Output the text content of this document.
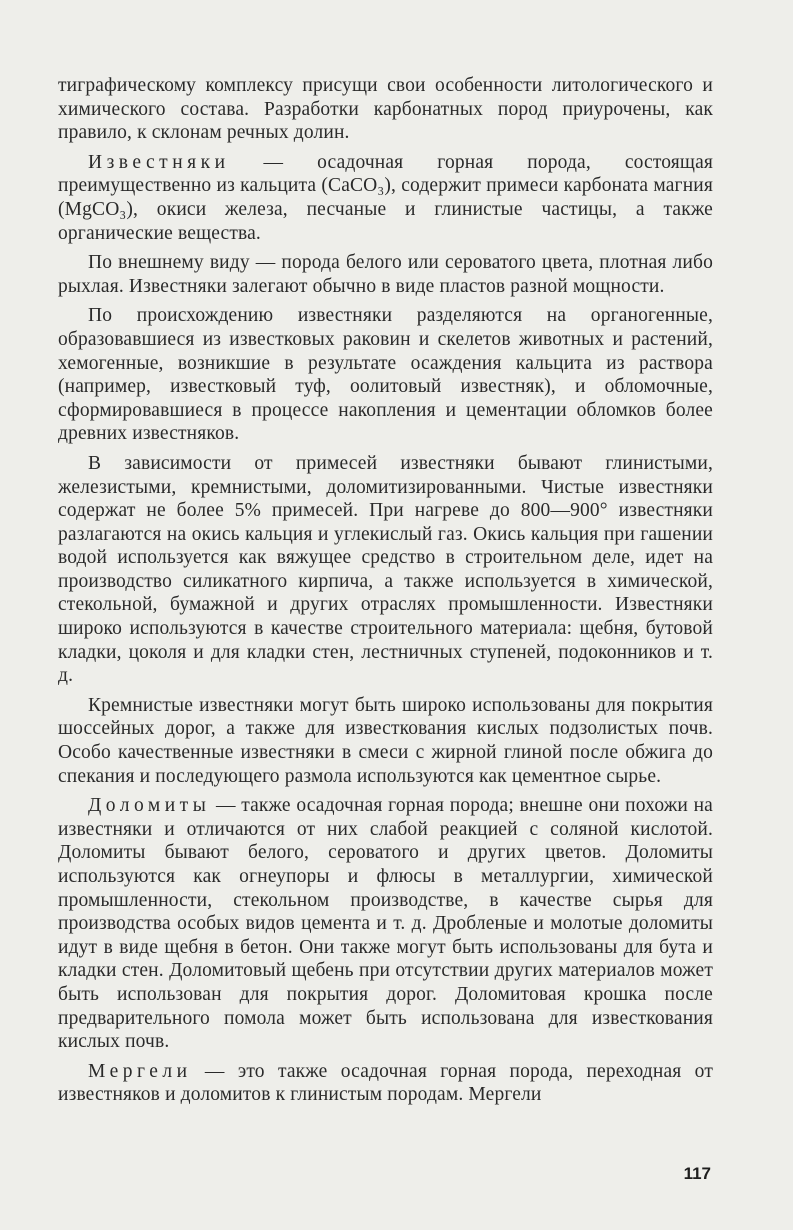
тиграфическому комплексу присущи свои особенности литологического и химического состава. Разработки карбонатных пород приурочены, как правило, к склонам речных долин.

Известняки — осадочная горная порода, состоящая преимущественно из кальцита (CaCO₃), содержит примеси карбоната магния (MgCO₃), окиси железа, песчаные и глинистые частицы, а также органические вещества.

По внешнему виду — порода белого или сероватого цвета, плотная либо рыхлая. Известняки залегают обычно в виде пластов разной мощности.

По происхождению известняки разделяются на органогенные, образовавшиеся из известковых раковин и скелетов животных и растений, хемогенные, возникшие в результате осаждения кальцита из раствора (например, известковый туф, оолитовый известняк), и обломочные, сформировавшиеся в процессе накопления и цементации обломков более древних известняков.

В зависимости от примесей известняки бывают глинистыми, железистыми, кремнистыми, доломитизированными. Чистые известняки содержат не более 5% примесей. При нагреве до 800—900° известняки разлагаются на окись кальция и углекислый газ. Окись кальция при гашении водой используется как вяжущее средство в строительном деле, идет на производство силикатного кирпича, а также используется в химической, стекольной, бумажной и других отраслях промышленности. Известняки широко используются в качестве строительного материала: щебня, бутовой кладки, цоколя и для кладки стен, лестничных ступеней, подоконников и т. д.

Кремнистые известняки могут быть широко использованы для покрытия шоссейных дорог, а также для известкования кислых подзолистых почв. Особо качественные известняки в смеси с жирной глиной после обжига до спекания и последующего размола используются как цементное сырье.

Доломиты — также осадочная горная порода; внешне они похожи на известняки и отличаются от них слабой реакцией с соляной кислотой. Доломиты бывают белого, сероватого и других цветов. Доломиты используются как огнеупоры и флюсы в металлургии, химической промышленности, стекольном производстве, в качестве сырья для производства особых видов цемента и т. д. Дробленые и молотые доломиты идут в виде щебня в бетон. Они также могут быть использованы для бута и кладки стен. Доломитовый щебень при отсутствии других материалов может быть использован для покрытия дорог. Доломитовая крошка после предварительного помола может быть использована для известкования кислых почв.

Мергели — это также осадочная горная порода, переходная от известняков и доломитов к глинистым породам. Мергели

117
